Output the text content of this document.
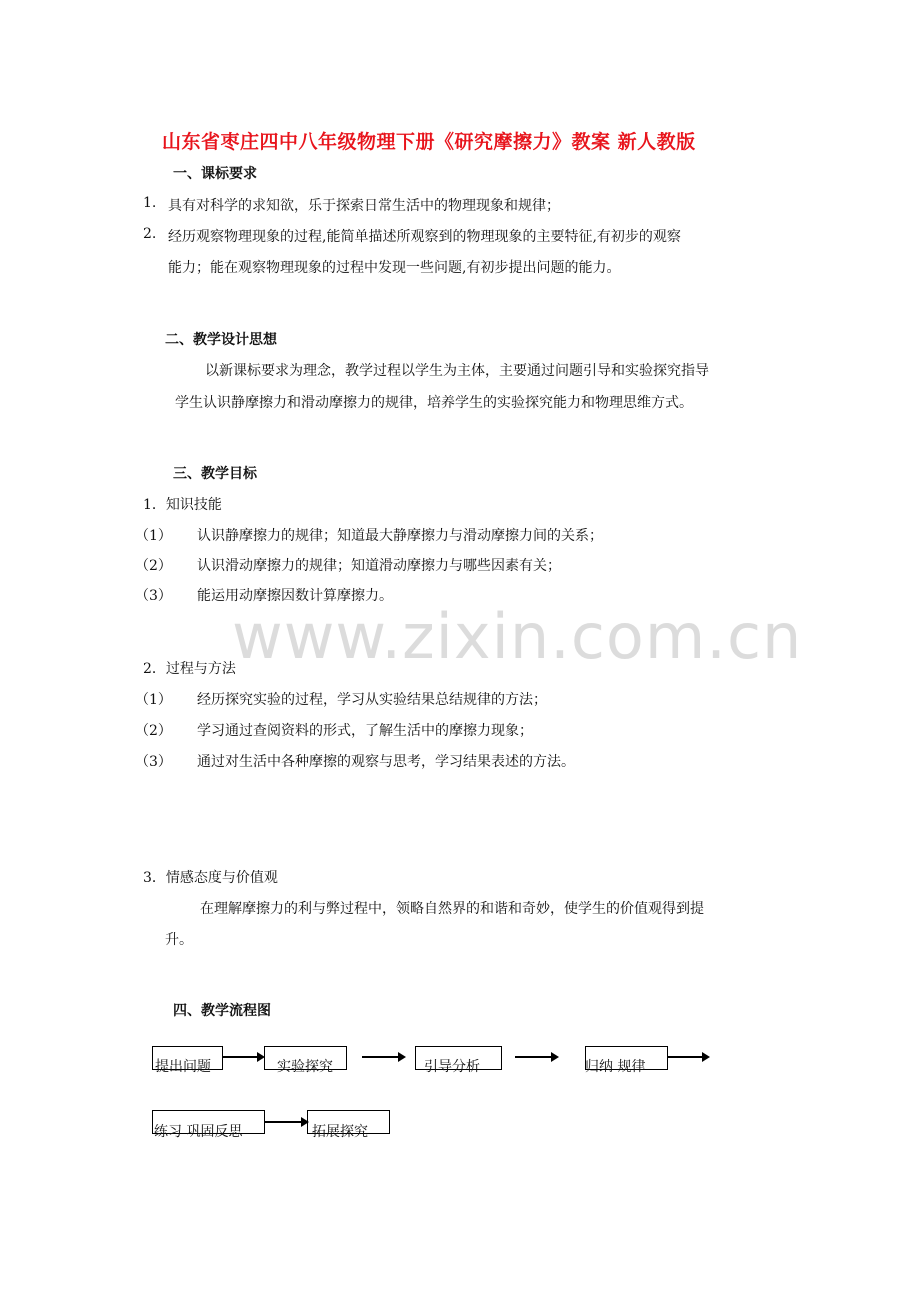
山东省枣庄四中八年级物理下册《研究摩擦力》教案 新人教版
一、课标要求
1. 具有对科学的求知欲，乐于探索日常生活中的物理现象和规律；
2. 经历观察物理现象的过程,能简单描述所观察到的物理现象的主要特征,有初步的观察
能力；能在观察物理现象的过程中发现一些问题,有初步提出问题的能力。
二、教学设计思想
以新课标要求为理念，教学过程以学生为主体，主要通过问题引导和实验探究指导
学生认识静摩擦力和滑动摩擦力的规律，培养学生的实验探究能力和物理思维方式。
三、教学目标
1．知识技能
（1） 认识静摩擦力的规律；知道最大静摩擦力与滑动摩擦力间的关系；
（2） 认识滑动摩擦力的规律；知道滑动摩擦力与哪些因素有关；
（3） 能运用动摩擦因数计算摩擦力。
www.zixin.com.cn
2．过程与方法
（1） 经历探究实验的过程，学习从实验结果总结规律的方法；
（2） 学习通过查阅资料的形式，了解生活中的摩擦力现象；
（3） 通过对生活中各种摩擦的观察与思考，学习结果表述的方法。
3．情感态度与价值观
在理解摩擦力的利与弊过程中，领略自然界的和谐和奇妙，使学生的价值观得到提
升。
四、教学流程图
提出问题	实验探究	引导分析	归纳 规律
练习 巩固反思	拓展探究
